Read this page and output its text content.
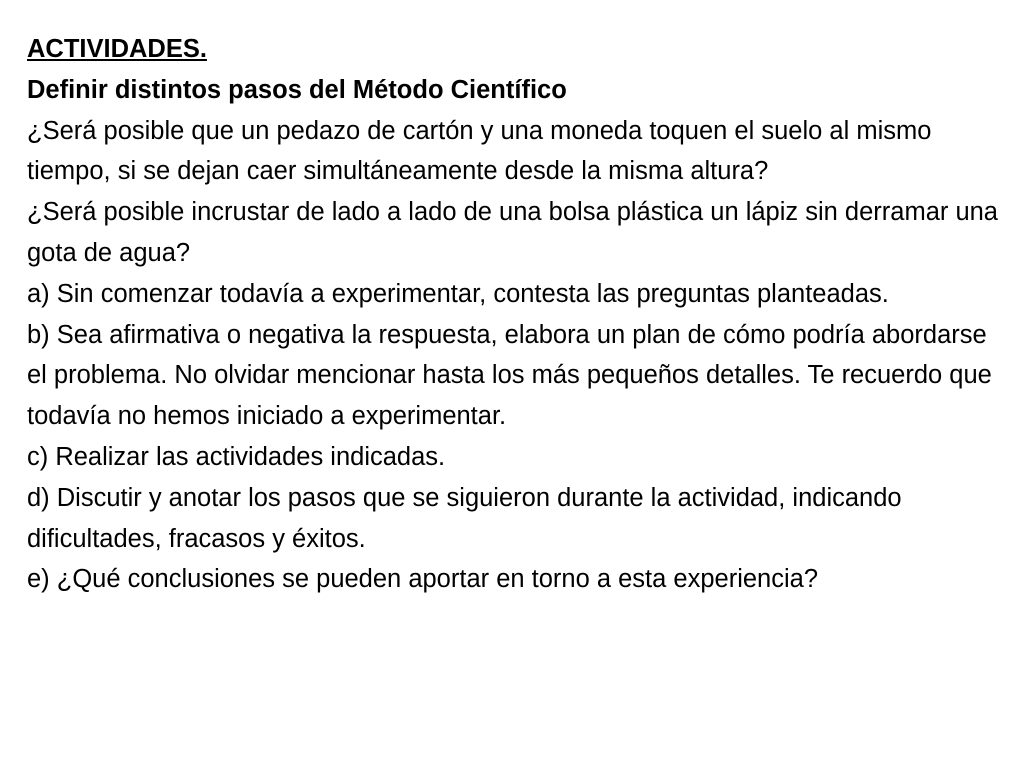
ACTIVIDADES.

Definir distintos pasos del Método Científico

¿Será posible que un pedazo de cartón y una moneda toquen el suelo al mismo tiempo, si se dejan caer simultáneamente desde la misma altura?

¿Será posible incrustar de lado a lado de una bolsa plástica un lápiz sin derramar una gota de agua?

a) Sin comenzar todavía a experimentar, contesta las preguntas planteadas.

b) Sea afirmativa o negativa la respuesta, elabora un plan de cómo podría abordarse el problema. No olvidar mencionar hasta los más pequeños detalles. Te recuerdo que todavía no hemos iniciado a experimentar.

c) Realizar las actividades indicadas.

d) Discutir y anotar los pasos que se siguieron durante la actividad, indicando dificultades, fracasos y éxitos.

e) ¿Qué conclusiones se pueden aportar en torno a esta experiencia?
